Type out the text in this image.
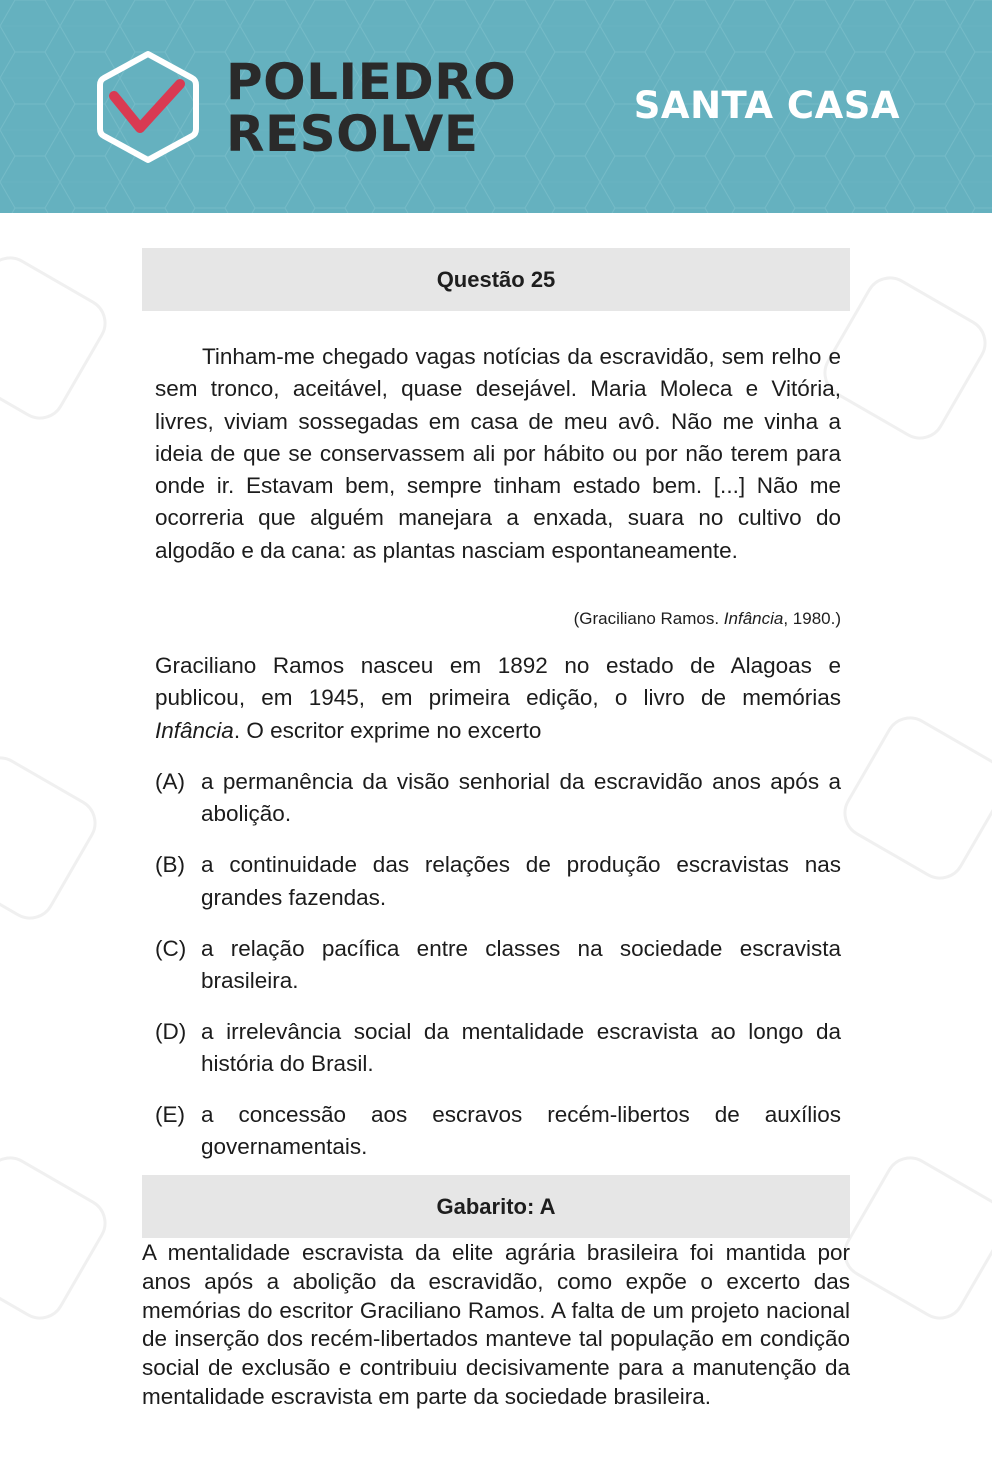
POLIEDRO
RESOLVE	SANTA CASA
Questão 25

Tinham-me chegado vagas notícias da escravidão, sem relho e sem tronco, aceitável, quase desejável. Maria Moleca e Vitória, livres, viviam sossegadas em casa de meu avô. Não me vinha a ideia de que se conservassem ali por hábito ou por não terem para onde ir. Estavam bem, sempre tinham estado bem. [...] Não me ocorreria que alguém manejara a enxada, suara no cultivo do algodão e da cana: as plantas nasciam espontaneamente.

(Graciliano Ramos. Infância, 1980.)

Graciliano Ramos nasceu em 1892 no estado de Alagoas e publicou, em 1945, em primeira edição, o livro de memórias Infância. O escritor exprime no excerto

(A) a permanência da visão senhorial da escravidão anos após a abolição.
(B) a continuidade das relações de produção escravistas nas grandes fazendas.
(C) a relação pacífica entre classes na sociedade escravista brasileira.
(D) a irrelevância social da mentalidade escravista ao longo da história do Brasil.
(E) a concessão aos escravos recém-libertos de auxílios governamentais.
Gabarito: A

A mentalidade escravista da elite agrária brasileira foi mantida por anos após a abolição da escravidão, como expõe o excerto das memórias do escritor Graciliano Ramos. A falta de um projeto nacional de inserção dos recém-libertados manteve tal população em condição social de exclusão e contribuiu decisivamente para a manutenção da mentalidade escravista em parte da sociedade brasileira.
